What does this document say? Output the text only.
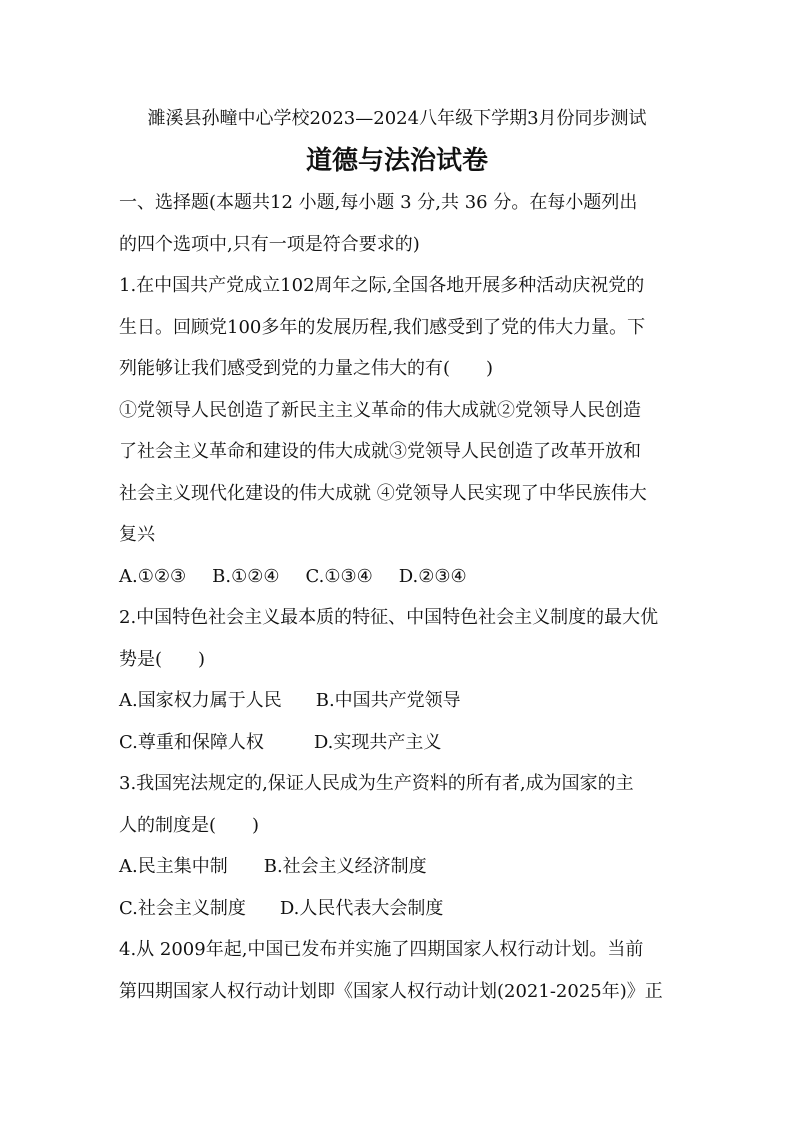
濉溪县孙疃中心学校2023—2024八年级下学期3月份同步测试
道德与法治试卷
一、选择题(本题共12 小题,每小题 3 分,共 36 分。在每小题列出
的四个选项中,只有一项是符合要求的)
1.在中国共产党成立102周年之际,全国各地开展多种活动庆祝党的
生日。回顾党100多年的发展历程,我们感受到了党的伟大力量。下
列能够让我们感受到党的力量之伟大的有(　　)
①党领导人民创造了新民主主义革命的伟大成就②党领导人民创造
了社会主义革命和建设的伟大成就③党领导人民创造了改革开放和
社会主义现代化建设的伟大成就 ④党领导人民实现了中华民族伟大
复兴
A.①②③ B.①②④ C.①③④ D.②③④
2.中国特色社会主义最本质的特征、中国特色社会主义制度的最大优
势是(　　)
A.国家权力属于人民 B.中国共产党领导
C.尊重和保障人权	D.实现共产主义
3.我国宪法规定的,保证人民成为生产资料的所有者,成为国家的主
人的制度是(　　)
A.民主集中制 B.社会主义经济制度
C.社会主义制度 D.人民代表大会制度
4.从 2009年起,中国已发布并实施了四期国家人权行动计划。当前
第四期国家人权行动计划即《国家人权行动计划(2021-2025年)》正
